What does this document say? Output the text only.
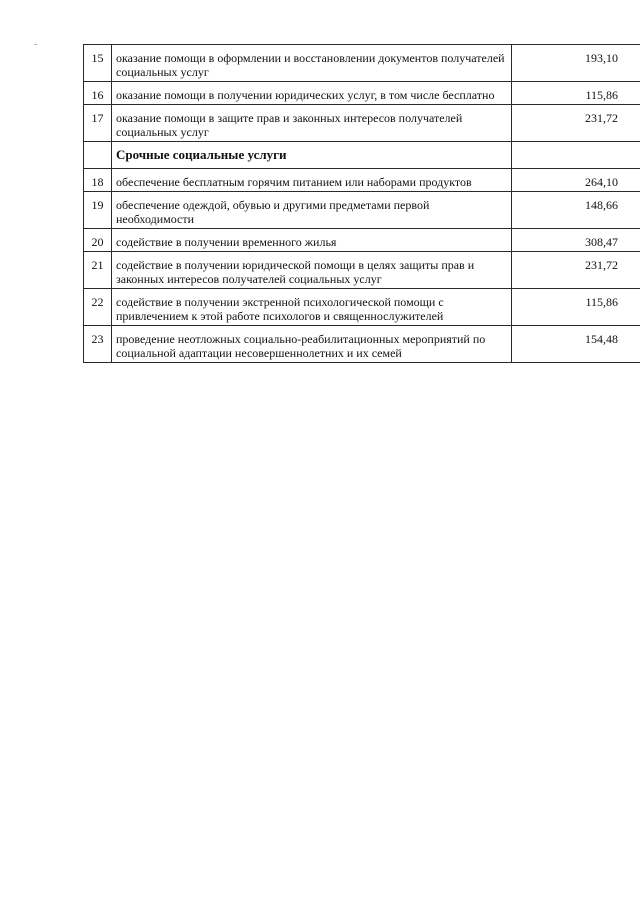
15	оказание помощи в оформлении и восстановлении документов получателей социальных услуг	193,10
16	оказание помощи в получении юридических услуг, в том числе бесплатно	115,86
17	оказание помощи в защите прав и законных интересов получателей социальных услуг	231,72
	Срочные социальные услуги	
18	обеспечение бесплатным горячим питанием или наборами продуктов	264,10
19	обеспечение одеждой, обувью и другими предметами первой необходимости	148,66
20	содействие в получении временного жилья	308,47
21	содействие в получении юридической помощи в целях защиты прав и законных интересов получателей социальных услуг	231,72
22	содействие в получении экстренной психологической помощи с привлечением к этой работе психологов и священнослужителей	115,86
23	проведение неотложных социально-реабилитационных мероприятий по социальной адаптации несовершеннолетних и их семей	154,48
